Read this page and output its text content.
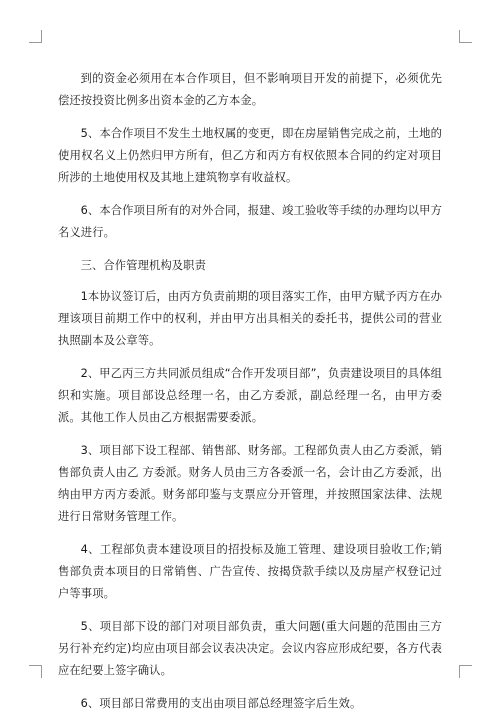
到的资金必须用在本合作项目，但不影响项目开发的前提下，必须优先偿还按投资比例多出资本金的乙方本金。

5、本合作项目不发生土地权属的变更，即在房屋销售完成之前，土地的使用权名义上仍然归甲方所有，但乙方和丙方有权依照本合同的约定对项目所涉的土地使用权及其地上建筑物享有收益权。

6、本合作项目所有的对外合同，报建、竣工验收等手续的办理均以甲方名义进行。

三、合作管理机构及职责

1本协议签订后，由丙方负责前期的项目落实工作，由甲方赋予丙方在办理该项目前期工作中的权利，并由甲方出具相关的委托书，提供公司的营业执照副本及公章等。

2、甲乙丙三方共同派员组成“合作开发项目部”，负责建设项目的具体组织和实施。项目部设总经理一名，由乙方委派，副总经理一名，由甲方委派。其他工作人员由乙方根据需要委派。

3、项目部下设工程部、销售部、财务部。工程部负责人由乙方委派，销售部负责人由乙 方委派。财务人员由三方各委派一名，会计由乙方委派，出纳由甲方丙方委派。财务部印鉴与支票应分开管理，并按照国家法律、法规进行日常财务管理工作。

4、工程部负责本建设项目的招投标及施工管理、建设项目验收工作;销售部负责本项目的日常销售、广告宣传、按揭贷款手续以及房屋产权登记过户等事项。

5、项目部下设的部门对项目部负责，重大问题(重大问题的范围由三方另行补充约定)均应由项目部会议表决决定。会议内容应形成纪要，各方代表应在纪要上签字确认。

6、项目部日常费用的支出由项目部总经理签字后生效。
